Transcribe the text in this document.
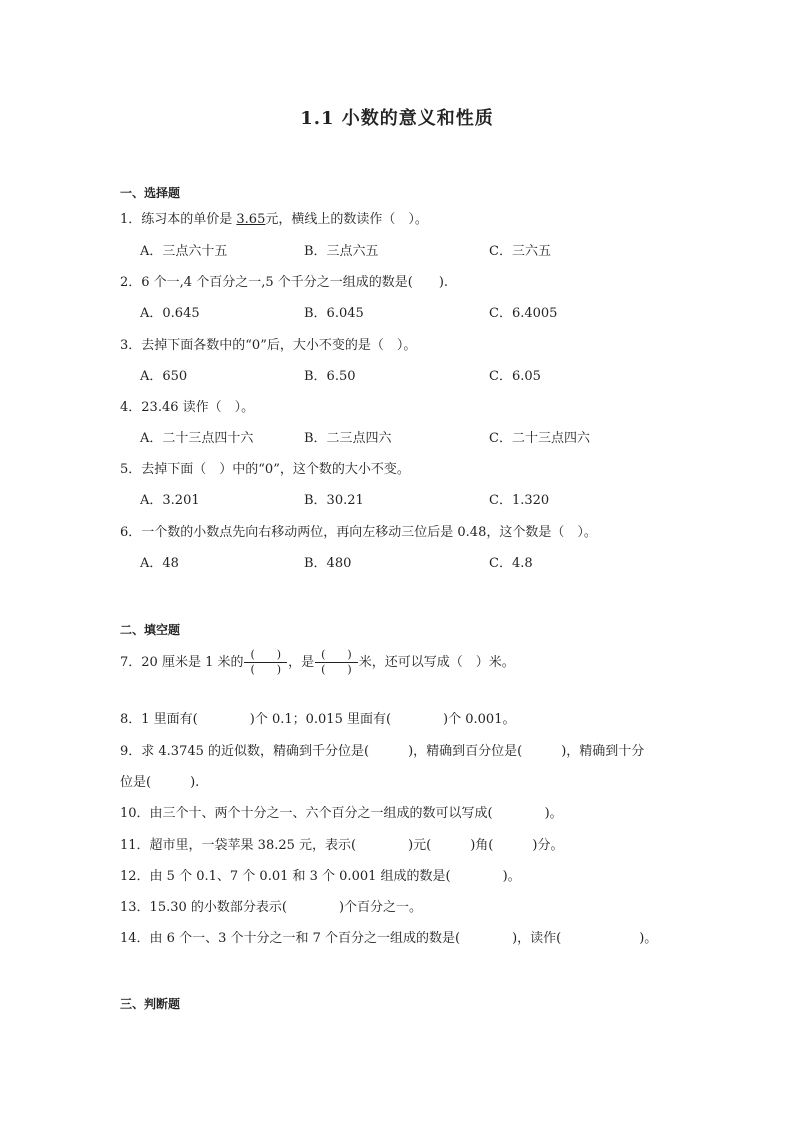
1.1 小数的意义和性质
一、选择题
1．练习本的单价是 3.65元，横线上的数读作（　）。
A．三点六十五	B．三点六五	C．三六五
2．6 个一,4 个百分之一,5 个千分之一组成的数是(　　).
A．0.645	B．6.045	C．6.4005
3．去掉下面各数中的“0”后，大小不变的是（　）。
A．650	B．6.50	C．6.05
4．23.46 读作（　）。
A．二十三点四十六	B．二三点四六	C．二十三点四六
5．去掉下面（　）中的“0”，这个数的大小不变。
A．3.201	B．30.21	C．1.320
6．一个数的小数点先向右移动两位，再向左移动三位后是 0.48，这个数是（　）。
A．48	B．480	C．4.8
二、填空题
7．20 厘米是 1 米的 $\frac{( )}{( )}$ ，是 $\frac{( )}{( )}$ 米，还可以写成（　）米。
8．1 里面有(　　　　)个 0.1；0.015 里面有(　　　　)个 0.001。
9．求 4.3745 的近似数，精确到千分位是(　　　)，精确到百分位是(　　　)，精确到十分
位是(　　　).
10．由三个十、两个十分之一、六个百分之一组成的数可以写成(　　　　)。
11．超市里，一袋苹果 38.25 元，表示(　　　　)元(　　　)角(　　　)分。
12．由 5 个 0.1、7 个 0.01 和 3 个 0.001 组成的数是(　　　　)。
13．15.30 的小数部分表示(　　　　)个百分之一。
14．由 6 个一、3 个十分之一和 7 个百分之一组成的数是(　　　　)，读作(　　　　　　)。
三、判断题
